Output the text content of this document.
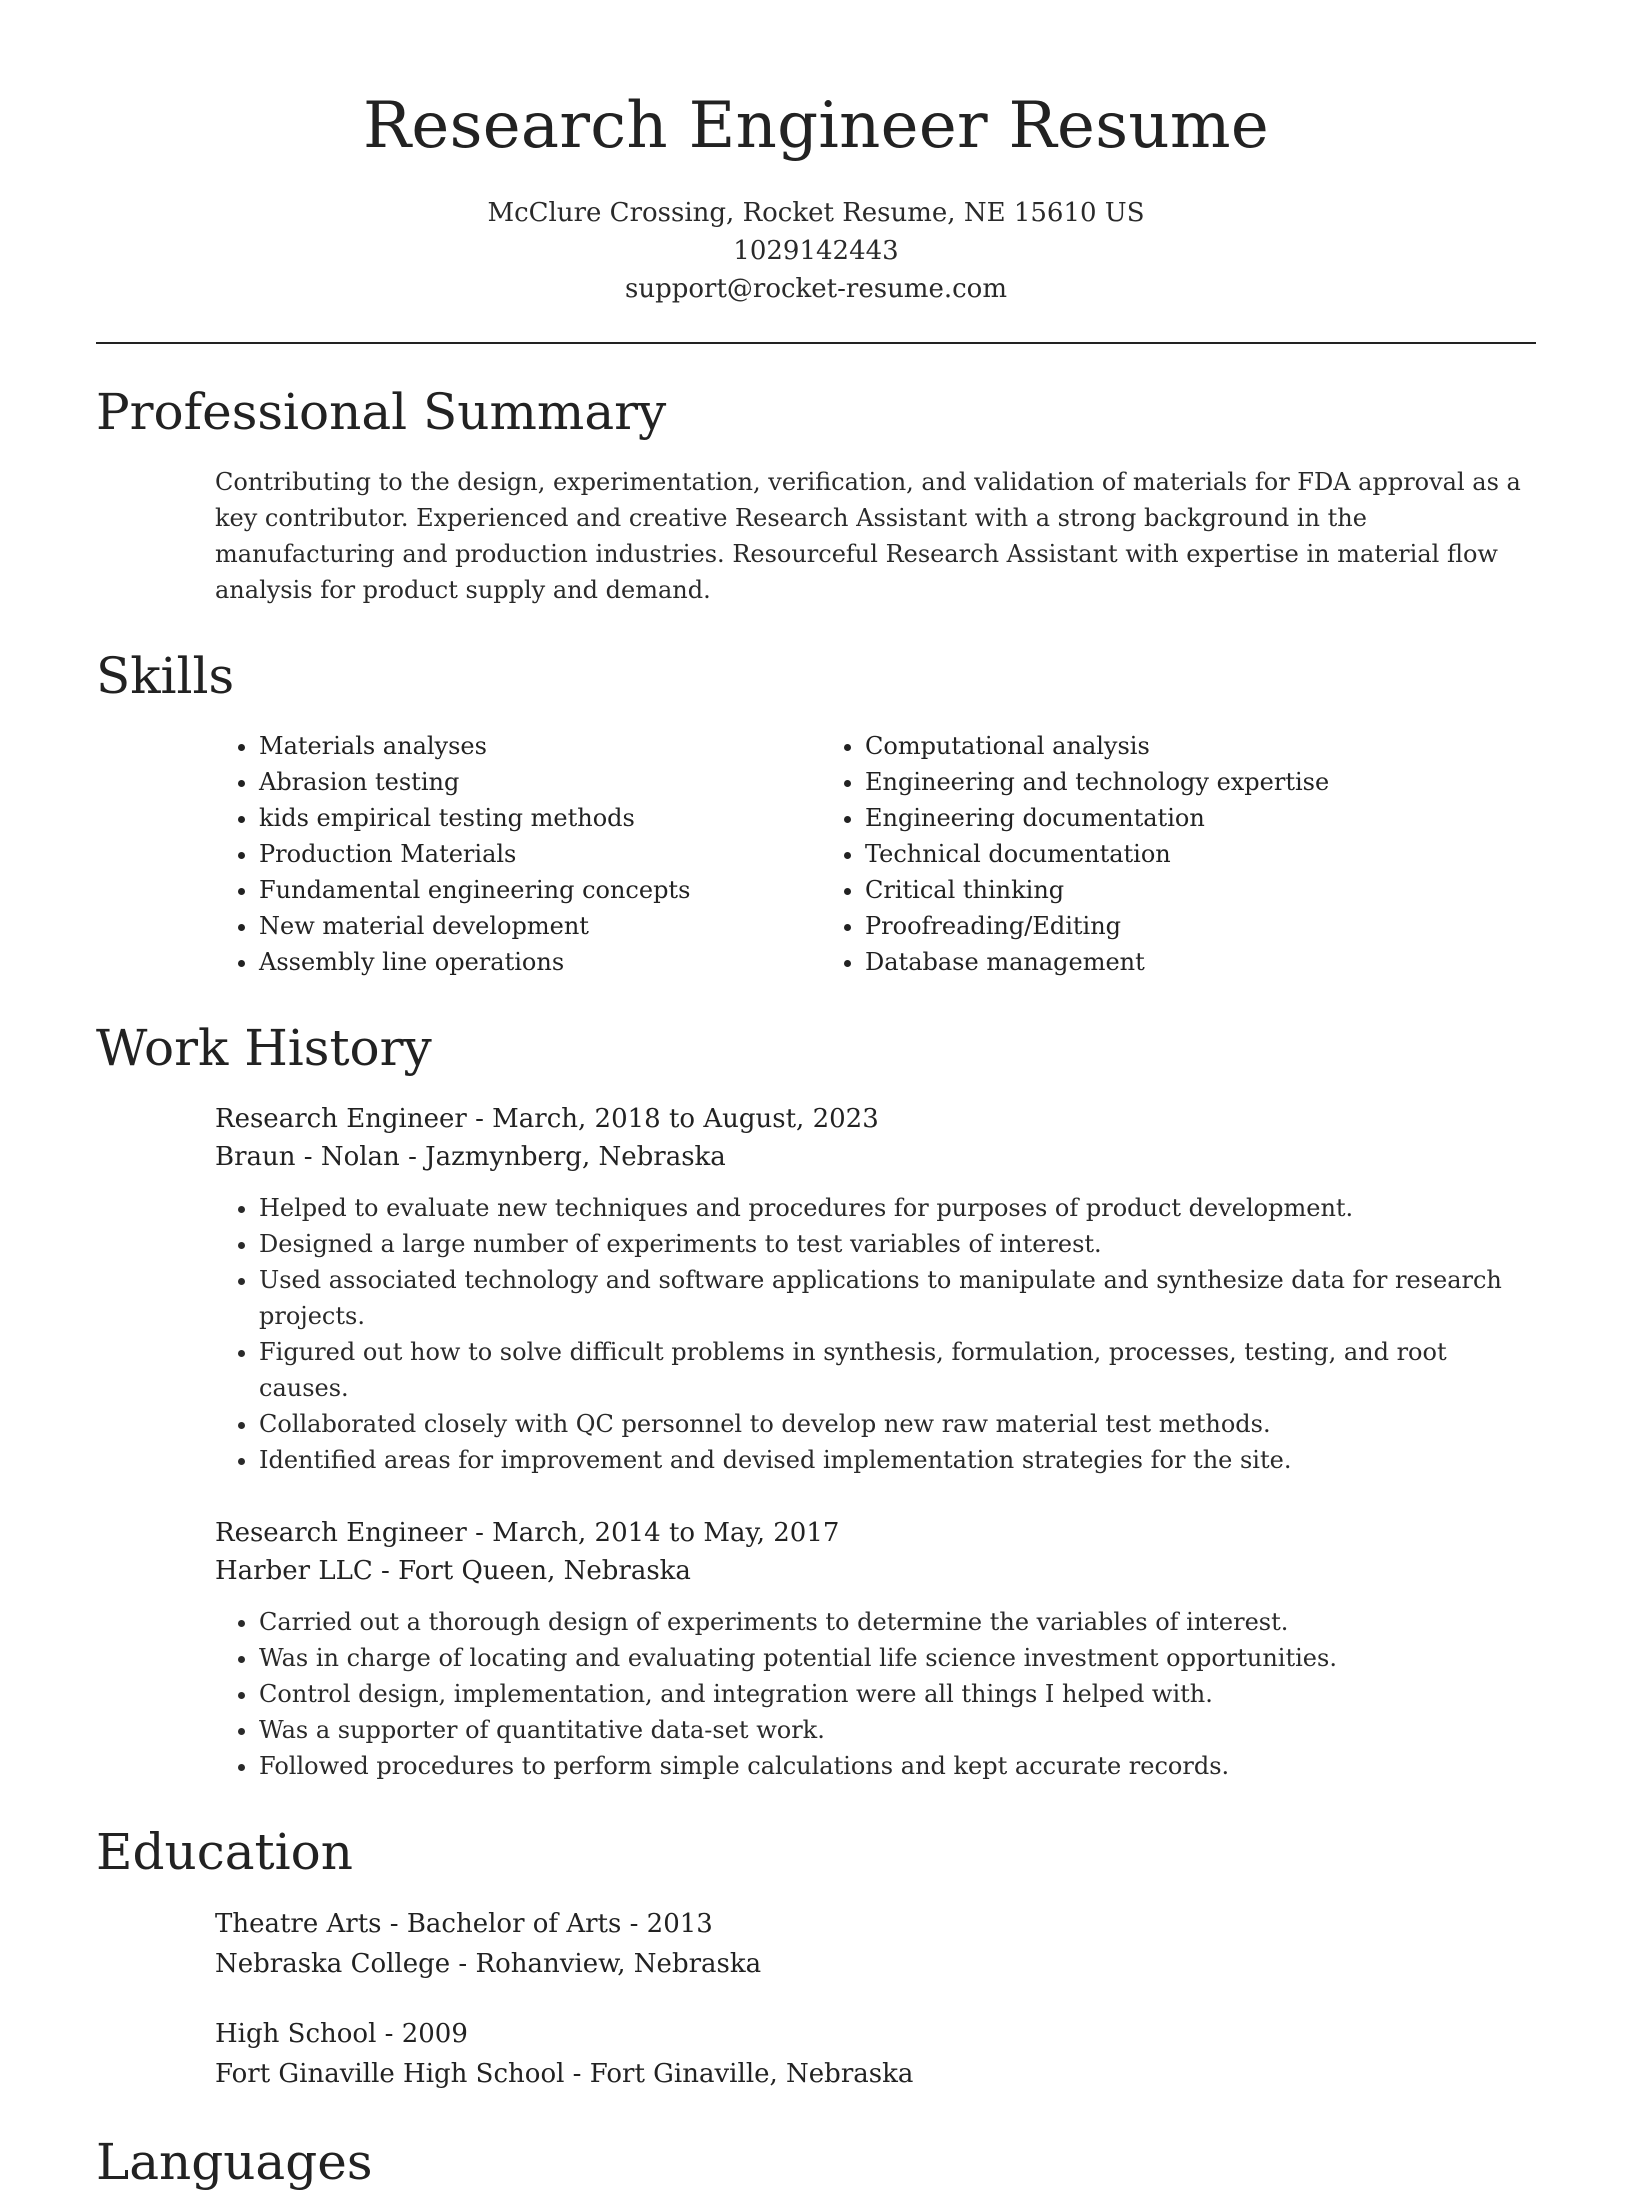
Research Engineer Resume
McClure Crossing, Rocket Resume, NE 15610 US
1029142443
support@rocket-resume.com
Professional Summary

Contributing to the design, experimentation, verification, and validation of materials for FDA approval as a key contributor. Experienced and creative Research Assistant with a strong background in the manufacturing and production industries. Resourceful Research Assistant with expertise in material flow analysis for product supply and demand.

Skills
• Materials analyses
• Abrasion testing
• kids empirical testing methods
• Production Materials
• Fundamental engineering concepts
• New material development
• Assembly line operations
• Computational analysis
• Engineering and technology expertise
• Engineering documentation
• Technical documentation
• Critical thinking
• Proofreading/Editing
• Database management
Work History
Research Engineer - March, 2018 to August, 2023
Braun - Nolan - Jazmynberg, Nebraska
• Helped to evaluate new techniques and procedures for purposes of product development.
• Designed a large number of experiments to test variables of interest.
• Used associated technology and software applications to manipulate and synthesize data for research projects.
• Figured out how to solve difficult problems in synthesis, formulation, processes, testing, and root causes.
• Collaborated closely with QC personnel to develop new raw material test methods.
• Identified areas for improvement and devised implementation strategies for the site.
Research Engineer - March, 2014 to May, 2017
Harber LLC - Fort Queen, Nebraska
• Carried out a thorough design of experiments to determine the variables of interest.
• Was in charge of locating and evaluating potential life science investment opportunities.
• Control design, implementation, and integration were all things I helped with.
• Was a supporter of quantitative data-set work.
• Followed procedures to perform simple calculations and kept accurate records.
Education
Theatre Arts - Bachelor of Arts - 2013
Nebraska College - Rohanview, Nebraska
High School - 2009
Fort Ginaville High School - Fort Ginaville, Nebraska
Languages
